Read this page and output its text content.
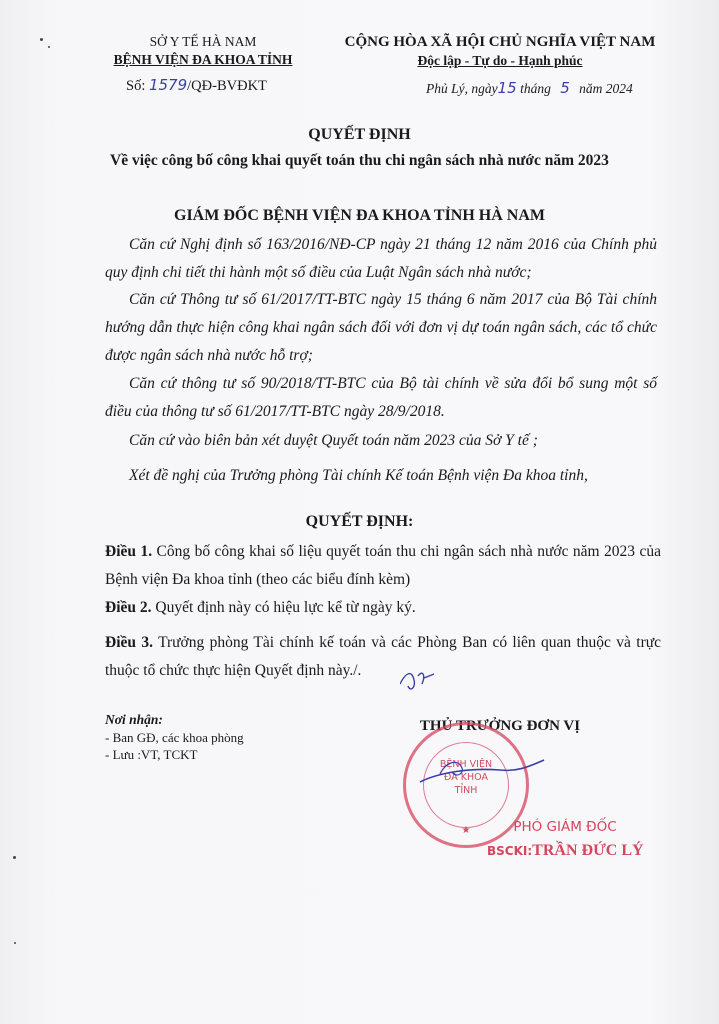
SỞ Y TẾ HÀ NAM
BỆNH VIỆN ĐA KHOA TỈNH
Số: 1579/QĐ-BVĐKT
CỘNG HÒA XÃ HỘI CHỦ NGHĨA VIỆT NAM
Độc lập - Tự do - Hạnh phúc
Phủ Lý, ngày15 tháng 5 năm 2024
QUYẾT ĐỊNH
Về việc công bố công khai quyết toán thu chi ngân sách nhà nước năm 2023
GIÁM ĐỐC BỆNH VIỆN ĐA KHOA TỈNH HÀ NAM
Căn cứ Nghị định số 163/2016/NĐ-CP ngày 21 tháng 12 năm 2016 của Chính phủ quy định chi tiết thi hành một số điều của Luật Ngân sách nhà nước;
Căn cứ Thông tư số 61/2017/TT-BTC ngày 15 tháng 6 năm 2017 của Bộ Tài chính hướng dẫn thực hiện công khai ngân sách đối với đơn vị dự toán ngân sách, các tổ chức được ngân sách nhà nước hỗ trợ;
Căn cứ thông tư số 90/2018/TT-BTC của Bộ tài chính về sửa đổi bổ sung một số điều của thông tư số 61/2017/TT-BTC ngày 28/9/2018.
Căn cứ vào biên bản xét duyệt Quyết toán năm 2023 của Sở Y tế ;
Xét đề nghị của Trưởng phòng Tài chính Kế toán Bệnh viện Đa khoa tỉnh,
QUYẾT ĐỊNH:
Điều 1. Công bố công khai số liệu quyết toán thu chi ngân sách nhà nước năm 2023 của Bệnh viện Đa khoa tỉnh (theo các biểu đính kèm)
Điều 2. Quyết định này có hiệu lực kể từ ngày ký.
Điều 3. Trưởng phòng Tài chính kế toán và các Phòng Ban có liên quan thuộc và trực thuộc tổ chức thực hiện Quyết định này./.
Nơi nhận:
- Ban GĐ, các khoa phòng
- Lưu :VT, TCKT
THỦ TRƯỞNG ĐƠN VỊ
BỆNH VIỆN
ĐA KHOA
TỈNH
★	PHÓ GIÁM ĐỐC
BSCKI:TRẦN ĐỨC LÝ
